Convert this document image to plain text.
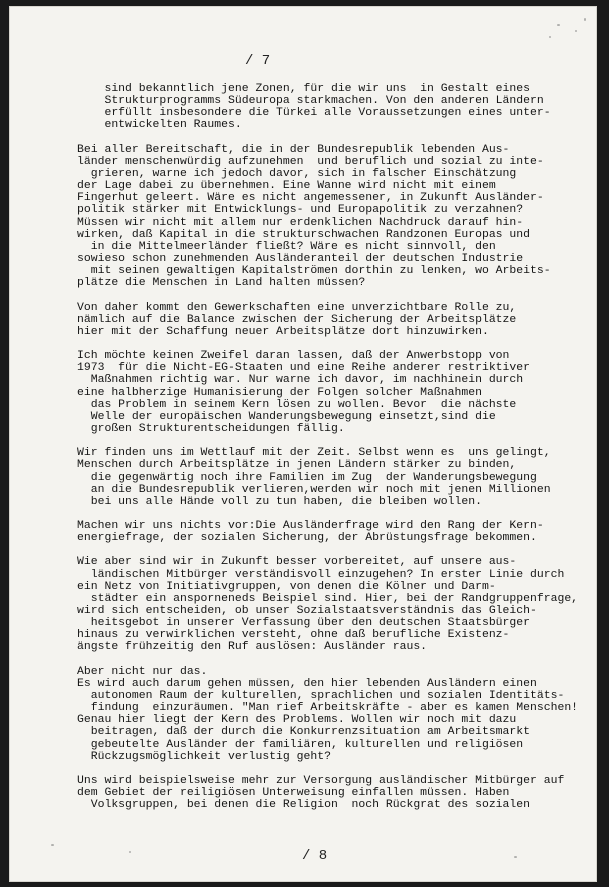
/ 7
sind bekanntlich jene Zonen, für die wir uns  in Gestalt eines
Strukturprogramms Südeuropa starkmachen. Von den anderen Ländern
erfüllt insbesondere die Türkei alle Voraussetzungen eines unter-
entwickelten Raumes.
Bei aller Bereitschaft, die in der Bundesrepublik lebenden Aus-
länder menschenwürdig aufzunehmen  und beruflich und sozial zu inte-
grieren, warne ich jedoch davor, sich in falscher Einschätzung
der Lage dabei zu übernehmen. Eine Wanne wird nicht mit einem
Fingerhut geleert. Wäre es nicht angemessener, in Zukunft Ausländer-
politik stärker mit Entwicklungs- und Europapolitik zu verzahnen?
Müssen wir nicht mit allem nur erdenklichen Nachdruck darauf hin-
wirken, daß Kapital in die strukturschwachen Randzonen Europas und
in die Mittelmeerländer fließt? Wäre es nicht sinnvoll, den
sowieso schon zunehmenden Ausländeranteil der deutschen Industrie
mit seinen gewaltigen Kapitalströmen dorthin zu lenken, wo Arbeits-
plätze die Menschen in Land halten müssen?
Von daher kommt den Gewerkschaften eine unverzichtbare Rolle zu,
nämlich auf die Balance zwischen der Sicherung der Arbeitsplätze
hier mit der Schaffung neuer Arbeitsplätze dort hinzuwirken.
Ich möchte keinen Zweifel daran lassen, daß der Anwerbstopp von
1973  für die Nicht-EG-Staaten und eine Reihe anderer restriktiver
Maßnahmen richtig war. Nur warne ich davor, im nachhinein durch
eine halbherzige Humanisierung der Folgen solcher Maßnahmen
das Problem in seinem Kern lösen zu wollen. Bevor  die nächste
Welle der europäischen Wanderungsbewegung einsetzt,sind die
großen Strukturentscheidungen fällig.
Wir finden uns im Wettlauf mit der Zeit. Selbst wenn es  uns gelingt,
Menschen durch Arbeitsplätze in jenen Ländern stärker zu binden,
die gegenwärtig noch ihre Familien im Zug  der Wanderungsbewegung
an die Bundesrepublik verlieren,werden wir noch mit jenen Millionen
bei uns alle Hände voll zu tun haben, die bleiben wollen.
Machen wir uns nichts vor:Die Ausländerfrage wird den Rang der Kern-
energiefrage, der sozialen Sicherung, der Abrüstungsfrage bekommen.
Wie aber sind wir in Zukunft besser vorbereitet, auf unsere aus-
ländischen Mitbürger verständisvoll einzugehen? In erster Linie durch
ein Netz von Initiativgruppen, von denen die Kölner und Darm-
städter ein ansporneneds Beispiel sind. Hier, bei der Randgruppenfrage,
wird sich entscheiden, ob unser Sozialstaatsverständnis das Gleich-
heitsgebot in unserer Verfassung über den deutschen Staatsbürger
hinaus zu verwirklichen versteht, ohne daß berufliche Existenz-
ängste frühzeitig den Ruf auslösen: Ausländer raus.
Aber nicht nur das.
Es wird auch darum gehen müssen, den hier lebenden Ausländern einen
autonomen Raum der kulturellen, sprachlichen und sozialen Identitäts-
findung  einzuräumen. "Man rief Arbeitskräfte - aber es kamen Menschen!
Genau hier liegt der Kern des Problems. Wollen wir noch mit dazu
beitragen, daß der durch die Konkurrenzsituation am Arbeitsmarkt
gebeutelte Ausländer der familiären, kulturellen und religiösen
Rückzugsmöglichkeit verlustig geht?
Uns wird beispielsweise mehr zur Versorgung ausländischer Mitbürger auf
dem Gebiet der reiligiösen Unterweisung einfallen müssen. Haben
Volksgruppen, bei denen die Religion  noch Rückgrat des sozialen
/ 8
